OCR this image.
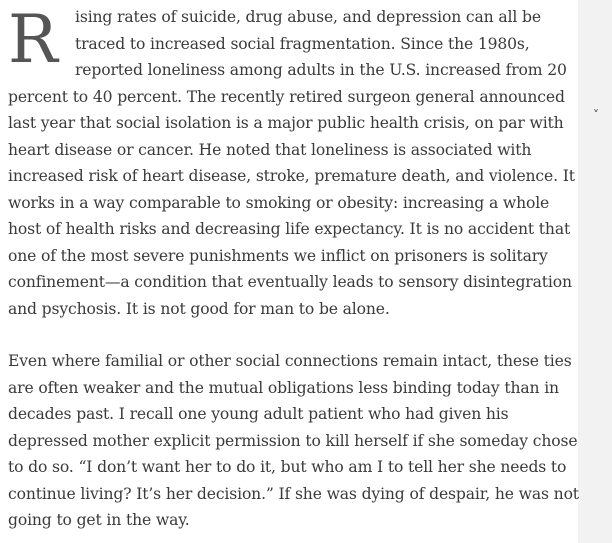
R	ising rates of suicide, drug abuse, and depression can all be
traced to increased social fragmentation. Since the 1980s,
reported loneliness among adults in the U.S. increased from 20
percent to 40 percent. The recently retired surgeon general announced
last year that social isolation is a major public health crisis, on par with
heart disease or cancer. He noted that loneliness is associated with
increased risk of heart disease, stroke, premature death, and violence. It
works in a way comparable to smoking or obesity: increasing a whole
host of health risks and decreasing life expectancy. It is no accident that
one of the most severe punishments we inflict on prisoners is solitary
confinement—a condition that eventually leads to sensory disintegration
and psychosis. It is not good for man to be alone.

Even where familial or other social connections remain intact, these ties
are often weaker and the mutual obligations less binding today than in
decades past. I recall one young adult patient who had given his
depressed mother explicit permission to kill herself if she someday chose
to do so. “I don’t want her to do it, but who am I to tell her she needs to
continue living? It’s her decision.” If she was dying of despair, he was not
going to get in the way.

˅
